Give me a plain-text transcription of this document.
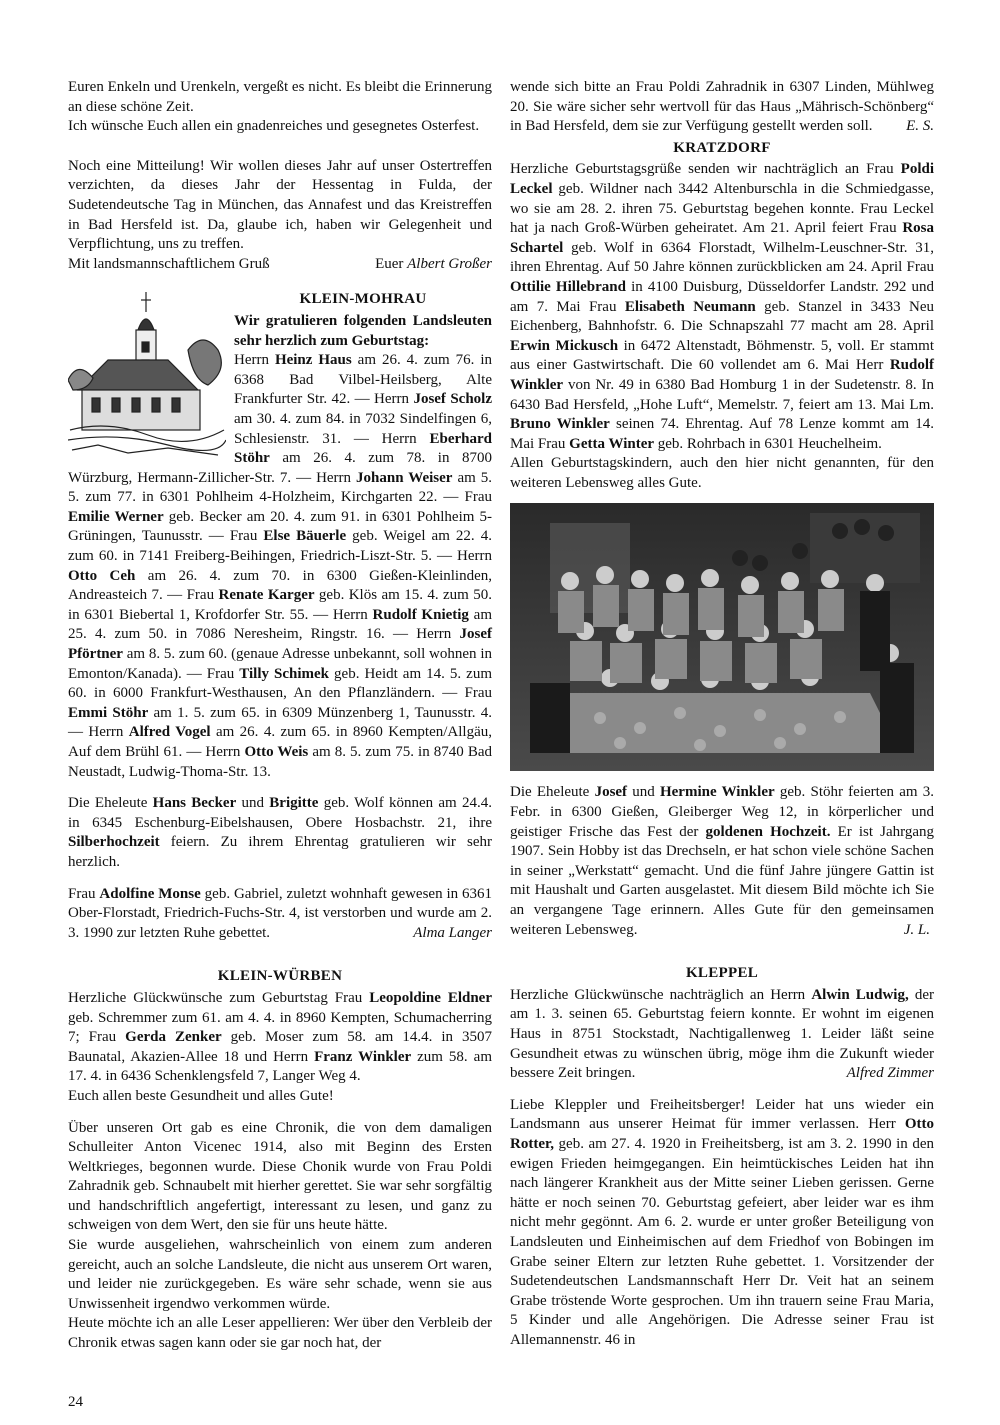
Euren Enkeln und Urenkeln, vergeßt es nicht. Es bleibt die Erinnerung an diese schöne Zeit.

Ich wünsche Euch allen ein gnadenreiches und gesegnetes Osterfest.

Noch eine Mitteilung! Wir wollen dieses Jahr auf unser Ostertreffen verzichten, da dieses Jahr der Hessentag in Fulda, der Sudetendeutsche Tag in München, das Annafest und das Kreistreffen in Bad Hersfeld ist. Da, glaube ich, haben wir Gelegenheit und Verpflichtung, uns zu treffen.

Mit landsmannschaftlichem Gruß	Euer Albert Großer
KLEIN-MOHRAU

Wir gratulieren folgenden Landsleuten sehr herzlich zum Geburtstag:

Herrn Heinz Haus am 26. 4. zum 76. in 6368 Bad Vilbel-Heilsberg, Alte Frankfurter Str. 42. — Herrn Josef Scholz am 30. 4. zum 84. in 7032 Sindelfingen 6, Schlesienstr. 31. — Herrn Eberhard Stöhr am 26. 4. zum 78. in 8700 Würzburg, Hermann-Zillicher-Str. 7. — Herrn Johann Weiser am 5. 5. zum 77. in 6301 Pohlheim 4-Holzheim, Kirchgarten 22. — Frau Emilie Werner geb. Becker am 20. 4. zum 91. in 6301 Pohlheim 5-Grüningen, Taunusstr. — Frau Else Bäuerle geb. Weigel am 22. 4. zum 60. in 7141 Freiberg-Beihingen, Friedrich-Liszt-Str. 5. — Herrn Otto Ceh am 26. 4. zum 70. in 6300 Gießen-Kleinlinden, Andreasteich 7. — Frau Renate Karger geb. Klös am 15. 4. zum 50. in 6301 Biebertal 1, Krofdorfer Str. 55. — Herrn Rudolf Knietig am 25. 4. zum 50. in 7086 Neresheim, Ringstr. 16. — Herrn Josef Pförtner am 8. 5. zum 60. (genaue Adresse unbekannt, soll wohnen in Emonton/Kanada). — Frau Tilly Schimek geb. Heidt am 14. 5. zum 60. in 6000 Frankfurt-Westhausen, An den Pflanzländern. — Frau Emmi Stöhr am 1. 5. zum 65. in 6309 Münzenberg 1, Taunusstr. 4. — Herrn Alfred Vogel am 26. 4. zum 65. in 8960 Kempten/Allgäu, Auf dem Brühl 61. — Herrn Otto Weis am 8. 5. zum 75. in 8740 Bad Neustadt, Ludwig-Thoma-Str. 13.

Die Eheleute Hans Becker und Brigitte geb. Wolf können am 24.4. in 6345 Eschenburg-Eibelshausen, Obere Hosbachstr. 21, ihre Silberhochzeit feiern. Zu ihrem Ehrentag gratulieren wir sehr herzlich.

Frau Adolfine Monse geb. Gabriel, zuletzt wohnhaft gewesen in 6361 Ober-Florstadt, Friedrich-Fuchs-Str. 4, ist verstorben und wurde am 2. 3. 1990 zur letzten Ruhe gebettet.	Alma Langer

KLEIN-WÜRBEN

Herzliche Glückwünsche zum Geburtstag Frau Leopoldine Eldner geb. Schremmer zum 61. am 4. 4. in 8960 Kempten, Schumacherring 7; Frau Gerda Zenker geb. Moser zum 58. am 14.4. in 3507 Baunatal, Akazien-Allee 18 und Herrn Franz Winkler zum 58. am 17. 4. in 6436 Schenklengsfeld 7, Langer Weg 4.

Euch allen beste Gesundheit und alles Gute!

Über unseren Ort gab es eine Chronik, die von dem damaligen Schulleiter Anton Vicenec 1914, also mit Beginn des Ersten Weltkrieges, begonnen wurde. Diese Chonik wurde von Frau Poldi Zahradnik geb. Schnaubelt mit hierher gerettet. Sie war sehr sorgfältig und handschriftlich angefertigt, interessant zu lesen, und ganz zu schweigen von dem Wert, den sie für uns heute hätte.

Sie wurde ausgeliehen, wahrscheinlich von einem zum anderen gereicht, auch an solche Landsleute, die nicht aus unserem Ort waren, und leider nie zurückgegeben. Es wäre sehr schade, wenn sie aus Unwissenheit irgendwo verkommen würde.

Heute möchte ich an alle Leser appellieren: Wer über den Verbleib der Chronik etwas sagen kann oder sie gar noch hat, der

wende sich bitte an Frau Poldi Zahradnik in 6307 Linden, Mühlweg 20. Sie wäre sicher sehr wertvoll für das Haus „Mährisch-Schönberg“ in Bad Hersfeld, dem sie zur Verfügung gestellt werden soll. E. S.

KRATZDORF

Herzliche Geburtstagsgrüße senden wir nachträglich an Frau Poldi Leckel geb. Wildner nach 3442 Altenburschla in die Schmiedgasse, wo sie am 28. 2. ihren 75. Geburtstag begehen konnte. Frau Leckel hat ja nach Groß-Würben geheiratet. Am 21. April feiert Frau Rosa Schartel geb. Wolf in 6364 Florstadt, Wilhelm-Leuschner-Str. 31, ihren Ehrentag. Auf 50 Jahre können zurückblicken am 24. April Frau Ottilie Hillebrand in 4100 Duisburg, Düsseldorfer Landstr. 292 und am 7. Mai Frau Elisabeth Neumann geb. Stanzel in 3433 Neu Eichenberg, Bahnhofstr. 6. Die Schnapszahl 77 macht am 28. April Erwin Mickusch in 6472 Altenstadt, Böhmenstr. 5, voll. Er stammt aus einer Gastwirtschaft. Die 60 vollendet am 6. Mai Herr Rudolf Winkler von Nr. 49 in 6380 Bad Homburg 1 in der Sudetenstr. 8. In 6430 Bad Hersfeld, „Hohe Luft“, Memelstr. 7, feiert am 13. Mai Lm. Bruno Winkler seinen 74. Ehrentag. Auf 78 Lenze kommt am 14. Mai Frau Getta Winter geb. Rohrbach in 6301 Heuchelheim.

Allen Geburtstagskindern, auch den hier nicht genannten, für den weiteren Lebensweg alles Gute.

Die Eheleute Josef und Hermine Winkler geb. Stöhr feierten am 3. Febr. in 6300 Gießen, Gleiberger Weg 12, in körperlicher und geistiger Frische das Fest der goldenen Hochzeit. Er ist Jahrgang 1907. Sein Hobby ist das Drechseln, er hat schon viele schöne Sachen in seiner „Werkstatt“ gemacht. Und die fünf Jahre jüngere Gattin ist mit Haushalt und Garten ausgelastet. Mit diesem Bild möchte ich Sie an vergangene Tage erinnern. Alles Gute für den gemeinsamen weiteren Lebensweg.	J. L.

KLEPPEL

Herzliche Glückwünsche nachträglich an Herrn Alwin Ludwig, der am 1. 3. seinen 65. Geburtstag feiern konnte. Er wohnt im eigenen Haus in 8751 Stockstadt, Nachtigallenweg 1. Leider läßt seine Gesundheit etwas zu wünschen übrig, möge ihm die Zukunft wieder bessere Zeit bringen.	Alfred Zimmer

Liebe Kleppler und Freiheitsberger! Leider hat uns wieder ein Landsmann aus unserer Heimat für immer verlassen. Herr Otto Rotter, geb. am 27. 4. 1920 in Freiheitsberg, ist am 3. 2. 1990 in den ewigen Frieden heimgegangen. Ein heimtückisches Leiden hat ihn nach längerer Krankheit aus der Mitte seiner Lieben gerissen. Gerne hätte er noch seinen 70. Geburtstag gefeiert, aber leider war es ihm nicht mehr gegönnt. Am 6. 2. wurde er unter großer Beteiligung von Landsleuten und Einheimischen auf dem Friedhof von Bobingen im Grabe seiner Eltern zur letzten Ruhe gebettet. 1. Vorsitzender der Sudetendeutschen Landsmannschaft Herr Dr. Veit hat an seinem Grabe tröstende Worte gesprochen. Um ihn trauern seine Frau Maria, 5 Kinder und alle Angehörigen. Die Adresse seiner Frau ist Allemannenstr. 46 in

24
